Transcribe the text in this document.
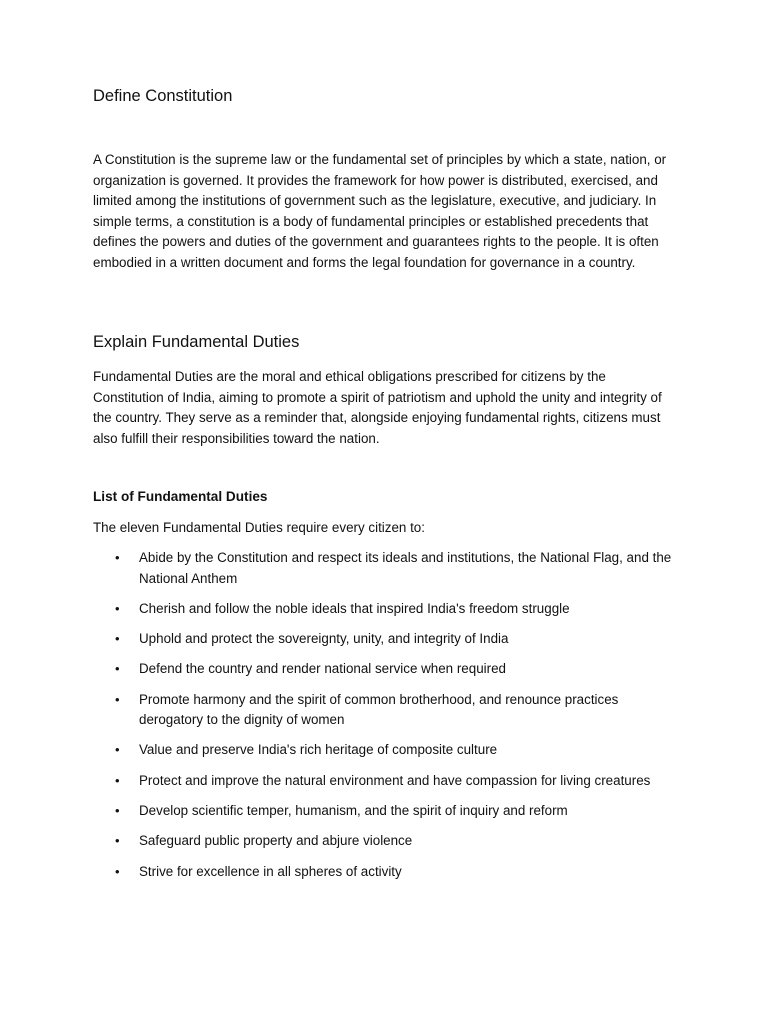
Define Constitution

A Constitution is the supreme law or the fundamental set of principles by which a state, nation, or organization is governed. It provides the framework for how power is distributed, exercised, and limited among the institutions of government such as the legislature, executive, and judiciary. In simple terms, a constitution is a body of fundamental principles or established precedents that defines the powers and duties of the government and guarantees rights to the people. It is often embodied in a written document and forms the legal foundation for governance in a country.

Explain Fundamental Duties

Fundamental Duties are the moral and ethical obligations prescribed for citizens by the Constitution of India, aiming to promote a spirit of patriotism and uphold the unity and integrity of the country. They serve as a reminder that, alongside enjoying fundamental rights, citizens must also fulfill their responsibilities toward the nation.

List of Fundamental Duties

The eleven Fundamental Duties require every citizen to:

• Abide by the Constitution and respect its ideals and institutions, the National Flag, and the National Anthem
• Cherish and follow the noble ideals that inspired India's freedom struggle
• Uphold and protect the sovereignty, unity, and integrity of India
• Defend the country and render national service when required
• Promote harmony and the spirit of common brotherhood, and renounce practices derogatory to the dignity of women
• Value and preserve India's rich heritage of composite culture
• Protect and improve the natural environment and have compassion for living creatures
• Develop scientific temper, humanism, and the spirit of inquiry and reform
• Safeguard public property and abjure violence
• Strive for excellence in all spheres of activity
